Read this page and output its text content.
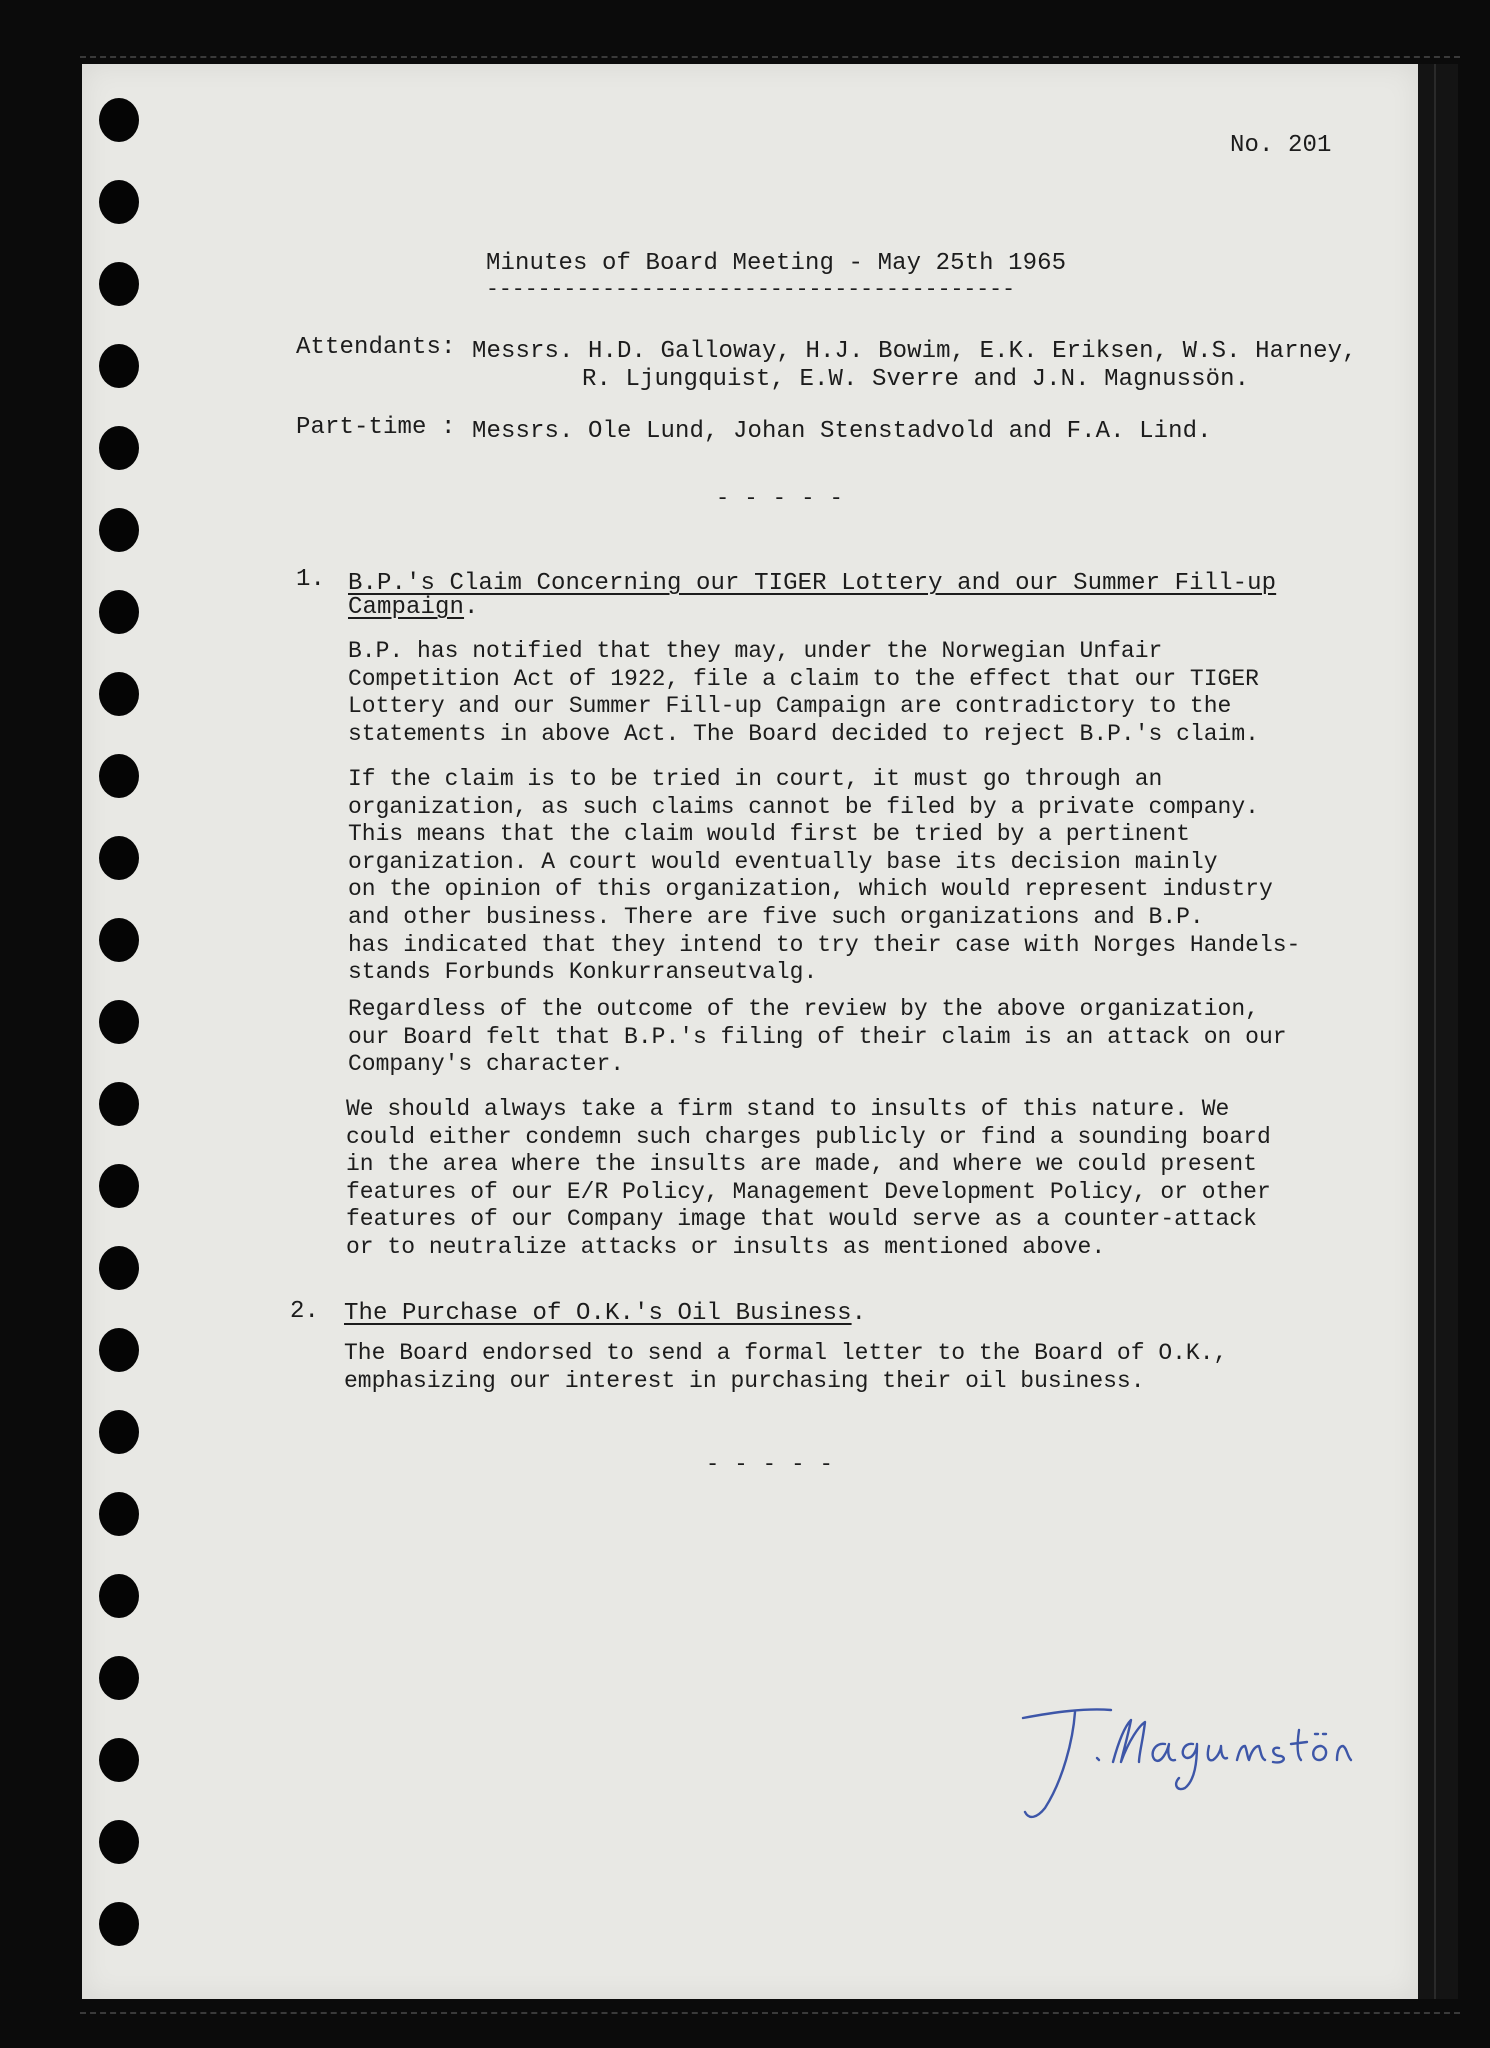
No. 201
Minutes of Board Meeting - May 25th 1965
-----------------------------------------
Attendants: Messrs. H.D. Galloway, H.J. Bowim, E.K. Eriksen, W.S. Harney,
R. Ljungquist, E.W. Sverre and J.N. Magnussön.
Part-time : Messrs. Ole Lund, Johan Stenstadvold and F.A. Lind.
- - - - -
1. B.P.'s Claim Concerning our TIGER Lottery and our Summer Fill-up
Campaign.
B.P. has notified that they may, under the Norwegian Unfair
Competition Act of 1922, file a claim to the effect that our TIGER
Lottery and our Summer Fill-up Campaign are contradictory to the
statements in above Act. The Board decided to reject B.P.'s claim.
If the claim is to be tried in court, it must go through an
organization, as such claims cannot be filed by a private company.
This means that the claim would first be tried by a pertinent
organization. A court would eventually base its decision mainly
on the opinion of this organization, which would represent industry
and other business. There are five such organizations and B.P.
has indicated that they intend to try their case with Norges Handels-
stands Forbunds Konkurranseutvalg.
Regardless of the outcome of the review by the above organization,
our Board felt that B.P.'s filing of their claim is an attack on our
Company's character.
We should always take a firm stand to insults of this nature. We
could either condemn such charges publicly or find a sounding board
in the area where the insults are made, and where we could present
features of our E/R Policy, Management Development Policy, or other
features of our Company image that would serve as a counter-attack
or to neutralize attacks or insults as mentioned above.
2. The Purchase of O.K.'s Oil Business.
The Board endorsed to send a formal letter to the Board of O.K.,
emphasizing our interest in purchasing their oil business.
- - - - -
